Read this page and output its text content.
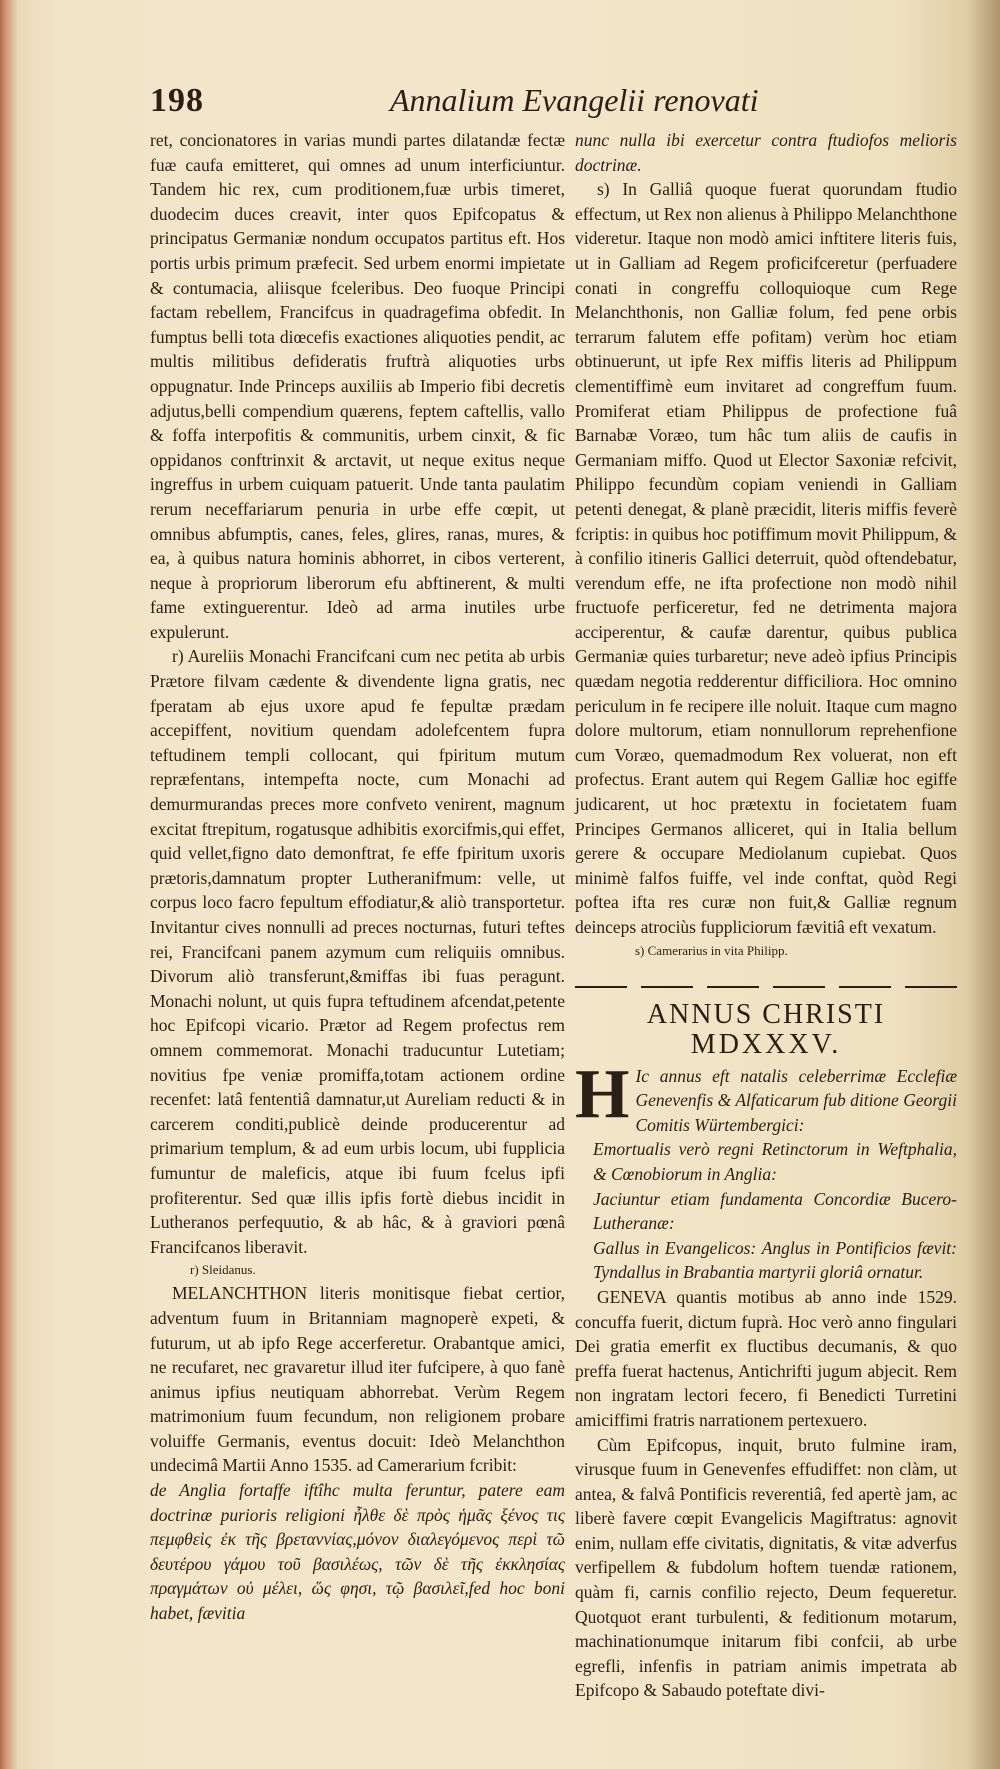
198	Annalium Evangelii renovati

ret, concionatores in varias mundi partes dilatandæ fectæ fuæ caufa emitteret, qui omnes ad unum interficiuntur. Tandem hic rex, cum proditionem,fuæ urbis timeret, duodecim duces creavit, inter quos Epifcopatus & principatus Germaniæ nondum occupatos partitus eft. Hos portis urbis primum præfecit. Sed urbem enormi impietate & contumacia, aliisque fceleribus. Deo fuoque Principi factam rebellem, Francifcus in quadragefima obfedit. In fumptus belli tota diœcefis exactiones aliquoties pendit, ac multis militibus defideratis fruftrà aliquoties urbs oppugnatur. Inde Princeps auxiliis ab Imperio fibi decretis adjutus,belli compendium quærens, feptem caftellis, vallo & foffa interpofitis & communitis, urbem cinxit, & fic oppidanos conftrinxit & arctavit, ut neque exitus neque ingreffus in urbem cuiquam patuerit. Unde tanta paulatim rerum neceffariarum penuria in urbe effe cœpit, ut omnibus abfumptis, canes, feles, glires, ranas, mures, & ea, à quibus natura hominis abhorret, in cibos verterent, neque à propriorum liberorum efu abftinerent, & multi fame extinguerentur. Ideò ad arma inutiles urbe expulerunt.

r) Aureliis Monachi Francifcani cum nec petita ab urbis Prætore filvam cædente & divendente ligna gratis, nec fperatam ab ejus uxore apud fe fepultæ prædam accepiffent, novitium quendam adolefcentem fupra teftudinem templi collocant, qui fpiritum mutum repræfentans, intempefta nocte, cum Monachi ad demurmurandas preces more confveto venirent, magnum excitat ftrepitum, rogatusque adhibitis exorcifmis,qui effet, quid vellet,figno dato demonftrat, fe effe fpiritum uxoris prætoris,damnatum propter Lutheranifmum: velle, ut corpus loco facro fepultum effodiatur,& aliò transportetur. Invitantur cives nonnulli ad preces nocturnas, futuri teftes rei, Francifcani panem azymum cum reliquiis omnibus. Divorum aliò transferunt,&miffas ibi fuas peragunt. Monachi nolunt, ut quis fupra teftudinem afcendat,petente hoc Epifcopi vicario. Prætor ad Regem profectus rem omnem commemorat. Monachi traducuntur Lutetiam; novitius fpe veniæ promiffa,totam actionem ordine recenfet: latâ fententiâ damnatur,ut Aureliam reducti & in carcerem conditi,publicè deinde producerentur ad primarium templum, & ad eum urbis locum, ubi fupplicia fumuntur de maleficis, atque ibi fuum fcelus ipfi profiterentur. Sed quæ illis ipfis fortè diebus incidit in Lutheranos perfequutio, & ab hâc, & à graviori pœnâ Francifcanos liberavit.

r) Sleidanus.

MELANCHTHON literis monitisque fiebat certior, adventum fuum in Britanniam magnoperè expeti, & futurum, ut ab ipfo Rege accerferetur. Orabantque amici, ne recufaret, nec gravaretur illud iter fufcipere, à quo fanè animus ipfius neutiquam abhorrebat. Verùm Regem matrimonium fuum fecundum, non religionem probare voluiffe Germanis, eventus docuit: Ideò Melanchthon undecimâ Martii Anno 1535. ad Camerarium fcribit:

de Anglia fortaffe iftîhc multa feruntur, patere eam doctrinæ purioris religioni ἦλθε δὲ πρὸς ἡμᾶς ξένος τις πεμφθεὶς ἐκ τῆς βρεταννίας,μόνον διαλεγόμενος περὶ τῶ δευτέρου γάμου τοῦ βασιλέως, τῶν δὲ τῆς ἐκκλησίας πραγμάτων οὐ μέλει, ὥς φησι, τῷ βασιλεῖ,fed hoc boni habet, fævitia

nunc nulla ibi exercetur contra ftudiofos melioris doctrinæ.

s) In Galliâ quoque fuerat quorundam ftudio effectum, ut Rex non alienus à Philippo Melanchthone videretur. Itaque non modò amici inftitere literis fuis, ut in Galliam ad Regem proficifceretur (perfuadere conati in congreffu colloquioque cum Rege Melanchthonis, non Galliæ folum, fed pene orbis terrarum falutem effe pofitam) verùm hoc etiam obtinuerunt, ut ipfe Rex miffis literis ad Philippum clementiffimè eum invitaret ad congreffum fuum. Promiferat etiam Philippus de profectione fuâ Barnabæ Voræo, tum hâc tum aliis de caufis in Germaniam miffo. Quod ut Elector Saxoniæ refcivit, Philippo fecundùm copiam veniendi in Galliam petenti denegat, & planè præcidit, literis miffis feverè fcriptis: in quibus hoc potiffimum movit Philippum, & à confilio itineris Gallici deterruit, quòd oftendebatur, verendum effe, ne ifta profectione non modò nihil fructuofe perficeretur, fed ne detrimenta majora acciperentur, & caufæ darentur, quibus publica Germaniæ quies turbaretur; neve adeò ipfius Principis quædam negotia redderentur difficiliora. Hoc omnino periculum in fe recipere ille noluit. Itaque cum magno dolore multorum, etiam nonnullorum reprehenfione cum Voræo, quemadmodum Rex voluerat, non eft profectus. Erant autem qui Regem Galliæ hoc egiffe judicarent, ut hoc prætextu in focietatem fuam Principes Germanos alliceret, qui in Italia bellum gerere & occupare Mediolanum cupiebat. Quos minimè falfos fuiffe, vel inde conftat, quòd Regi poftea ifta res curæ non fuit,& Galliæ regnum deinceps atrociùs fuppliciorum fævitiâ eft vexatum.

s) Camerarius in vita Philipp.

ANNUS CHRISTI
MDXXXV.
H Ic annus eft natalis celeberrimæ Ecclefiæ Genevenfis & Alfaticarum fub ditione Georgii Comitis Würtembergici:

Emortualis verò regni Retinctorum in Weftphalia, & Cœnobiorum in Anglia:

Jaciuntur etiam fundamenta Concordiæ Bucero-Lutheranæ:

Gallus in Evangelicos: Anglus in Pontificios fævit: Tyndallus in Brabantia martyrii gloriâ ornatur.

GENEVA quantis motibus ab anno inde 1529. concuffa fuerit, dictum fuprà. Hoc verò anno fingulari Dei gratia emerfit ex fluctibus decumanis, & quo preffa fuerat hactenus, Antichrifti jugum abjecit. Rem non ingratam lectori fecero, fi Benedicti Turretini amiciffimi fratris narrationem pertexuero.

Cùm Epifcopus, inquit, bruto fulmine iram, virusque fuum in Genevenfes effudiffet: non clàm, ut antea, & falvâ Pontificis reverentiâ, fed apertè jam, ac liberè favere cœpit Evangelicis Magiftratus: agnovit enim, nullam effe civitatis, dignitatis, & vitæ adverfus verfipellem & fubdolum hoftem tuendæ rationem, quàm fi, carnis confilio rejecto, Deum fequeretur. Quotquot erant turbulenti, & feditionum motarum, machinationumque initarum fibi confcii, ab urbe egrefli, infenfis in patriam animis impetrata ab Epifcopo & Sabaudo poteftate divi-
